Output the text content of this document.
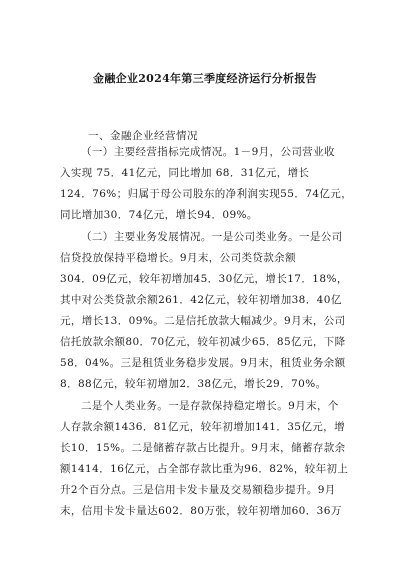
金融企业2024年第三季度经济运行分析报告
一、金融企业经营情况
（一）主要经营指标完成情况。1－9月，公司营业收
入实现 75．41亿元，同比增加 68．31亿元，增长
124．76%；归属于母公司股东的净利润实现55．74亿元，
同比增加30．74亿元，增长94．09%。
（二）主要业务发展情况。一是公司类业务。一是公司
信贷投放保持平稳增长。9月末，公司类贷款余额
304．09亿元，较年初增加45．30亿元，增长17．18%，
其中对公类贷款余额261．42亿元，较年初增加38．40亿
元，增长13．09%。二是信托放款大幅减少。9月末，公司
信托放款余额80．70亿元，较年初减少65．85亿元，下降
58．04%。三是租赁业务稳步发展。9月末，租赁业务余额
8．88亿元，较年初增加2．38亿元，增长29．70%。
二是个人类业务。一是存款保持稳定增长。9月末，个
人存款余额1436．81亿元，较年初增加141．35亿元，增
长10．15%。二是储蓄存款占比提升。9月末，储蓄存款余
额1414．16亿元，占全部存款比重为96．82%，较年初上
升2个百分点。三是信用卡发卡量及交易额稳步提升。9月
末，信用卡发卡量达602．80万张，较年初增加60．36万
